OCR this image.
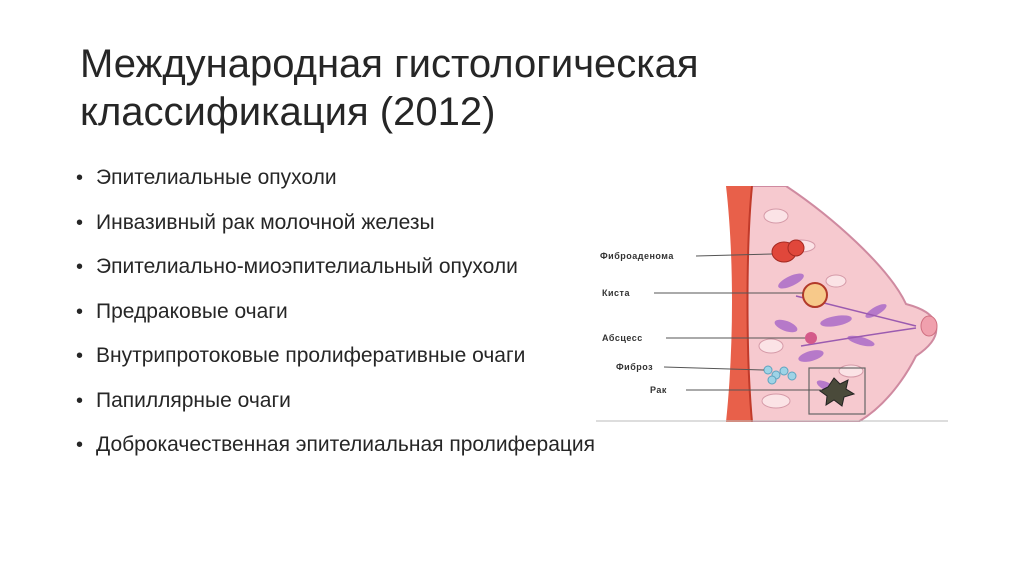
Международная гистологическая
классификация (2012)
• Эпителиальные опухоли
• Инвазивный рак молочной железы
• Эпителиально-миоэпителиальный опухоли
• Предраковые очаги
• Внутрипротоковые пролиферативные очаги
• Папиллярные очаги
• Доброкачественная эпителиальная пролиферация
Фиброаденома
Киста
Абсцесс
Фиброз
Рак
